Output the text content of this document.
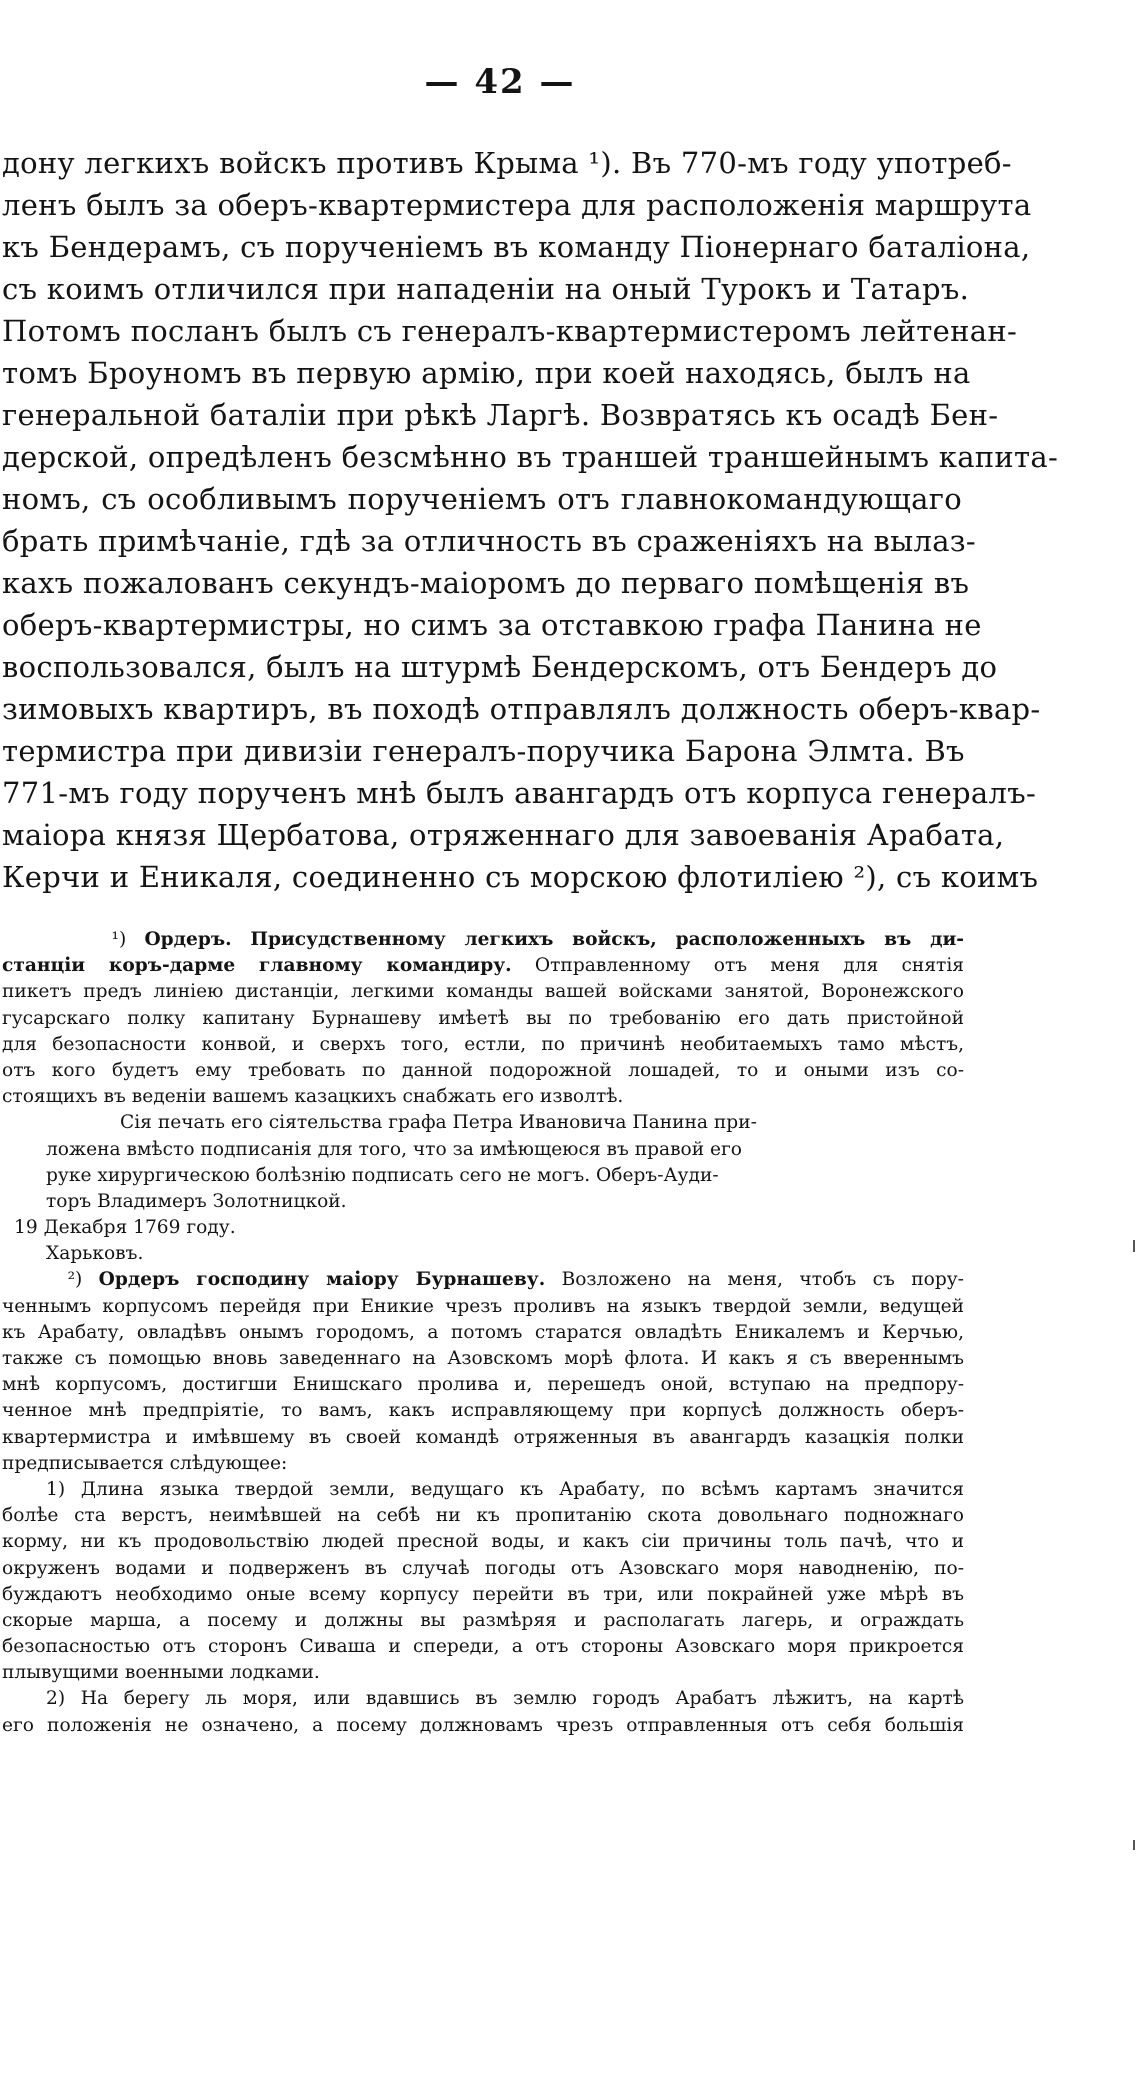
— 42 —
дону легкихъ войскъ противъ Крыма ¹). Въ 770-мъ году употреб-
ленъ былъ за оберъ-квартермистера для расположенія маршрута
къ Бендерамъ, съ порученіемъ въ команду Піонернаго баталіона,
съ коимъ отличился при нападеніи на оный Турокъ и Татаръ.
Потомъ посланъ былъ съ генералъ-квартермистеромъ лейтенан-
томъ Броуномъ въ первую армію, при коей находясь, былъ на
генеральной баталіи при рѣкѣ Ларгѣ. Возвратясь къ осадѣ Бен-
дерской, опредѣленъ безсмѣнно въ траншей траншейнымъ капита-
номъ, съ особливымъ порученіемъ отъ главнокомандующаго
брать примѣчаніе, гдѣ за отличность въ сраженіяхъ на вылаз-
кахъ пожалованъ секундъ-маіоромъ до перваго помѣщенія въ
оберъ-квартермистры, но симъ за отставкою графа Панина не
воспользовался, былъ на штурмѣ Бендерскомъ, отъ Бендеръ до
зимовыхъ квартиръ, въ походѣ отправлялъ должность оберъ-квар-
термистра при дивизіи генералъ-поручика Барона Элмта. Въ
771-мъ году порученъ мнѣ былъ авангардъ отъ корпуса генералъ-
маіора князя Щербатова, отряженнаго для завоеванія Арабата,
Керчи и Еникаля, соединенно съ морскою флотиліею ²), съ коимъ
¹) Ордеръ. Присудственному легкихъ войскъ, расположенныхъ въ ди-
станціи коръ-дарме главному командиру. Отправленному отъ меня для снятія
пикетъ предъ линіею дистанціи, легкими команды вашей войсками занятой, Воронежского
гусарскаго полку капитану Бурнашеву имѣетѣ вы по требованію его дать пристойной
для безопасности конвой, и сверхъ того, естли, по причинѣ необитаемыхъ тамо мѣстъ,
отъ кого будетъ ему требовать по данной подорожной лошадей, то и оными изъ со-
стоящихъ въ веденіи вашемъ казацкихъ снабжать его изволтѣ.
Сія печать его сіятельства графа Петра Ивановича Панина при-
ложена вмѣсто подписанія для того, что за имѣющеюся въ правой его
руке хирургическою болѣзнію подписать сего не могъ. Оберъ-Ауди-
торъ Владимеръ Золотницкой.
19 Декабря 1769 году.
Харьковъ.
²) Ордеръ господину маіору Бурнашеву. Возложено на меня, чтобъ съ пору-
ченнымъ корпусомъ перейдя при Еникие чрезъ проливъ на языкъ твердой земли, ведущей
къ Арабату, овладѣвъ онымъ городомъ, а потомъ старатся овладѣть Еникалемъ и Керчью,
также съ помощью вновь заведеннаго на Азовскомъ морѣ флота. И какъ я съ ввереннымъ
мнѣ корпусомъ, достигши Енишскаго пролива и, перешедъ оной, вступаю на предпору-
ченное мнѣ предпріятіе, то вамъ, какъ исправляющему при корпусѣ должность оберъ-
квартермистра и имѣвшему въ своей командѣ отряженныя въ авангардъ казацкія полки
предписывается слѣдующее:
1) Длина языка твердой земли, ведущаго къ Арабату, по всѣмъ картамъ значится
болѣе ста верстъ, неимѣвшей на себѣ ни къ пропитанію скота довольнаго подножнаго
корму, ни къ продовольствію людей пресной воды, и какъ сіи причины толь пачѣ, что и
окруженъ водами и подверженъ въ случаѣ погоды отъ Азовскаго моря наводненію, по-
буждаютъ необходимо оные всему корпусу перейти въ три, или покрайней уже мѣрѣ въ
скорые марша, а посему и должны вы размѣряя и располагать лагерь, и ограждать
безопасностью отъ сторонъ Сиваша и спереди, а отъ стороны Азовскаго моря прикроется
плывущими военными лодками.
2) На берегу ль моря, или вдавшись въ землю городъ Арабатъ лѣжитъ, на картѣ
его положенія не означено, а посему должновамъ чрезъ отправленныя отъ себя большія
